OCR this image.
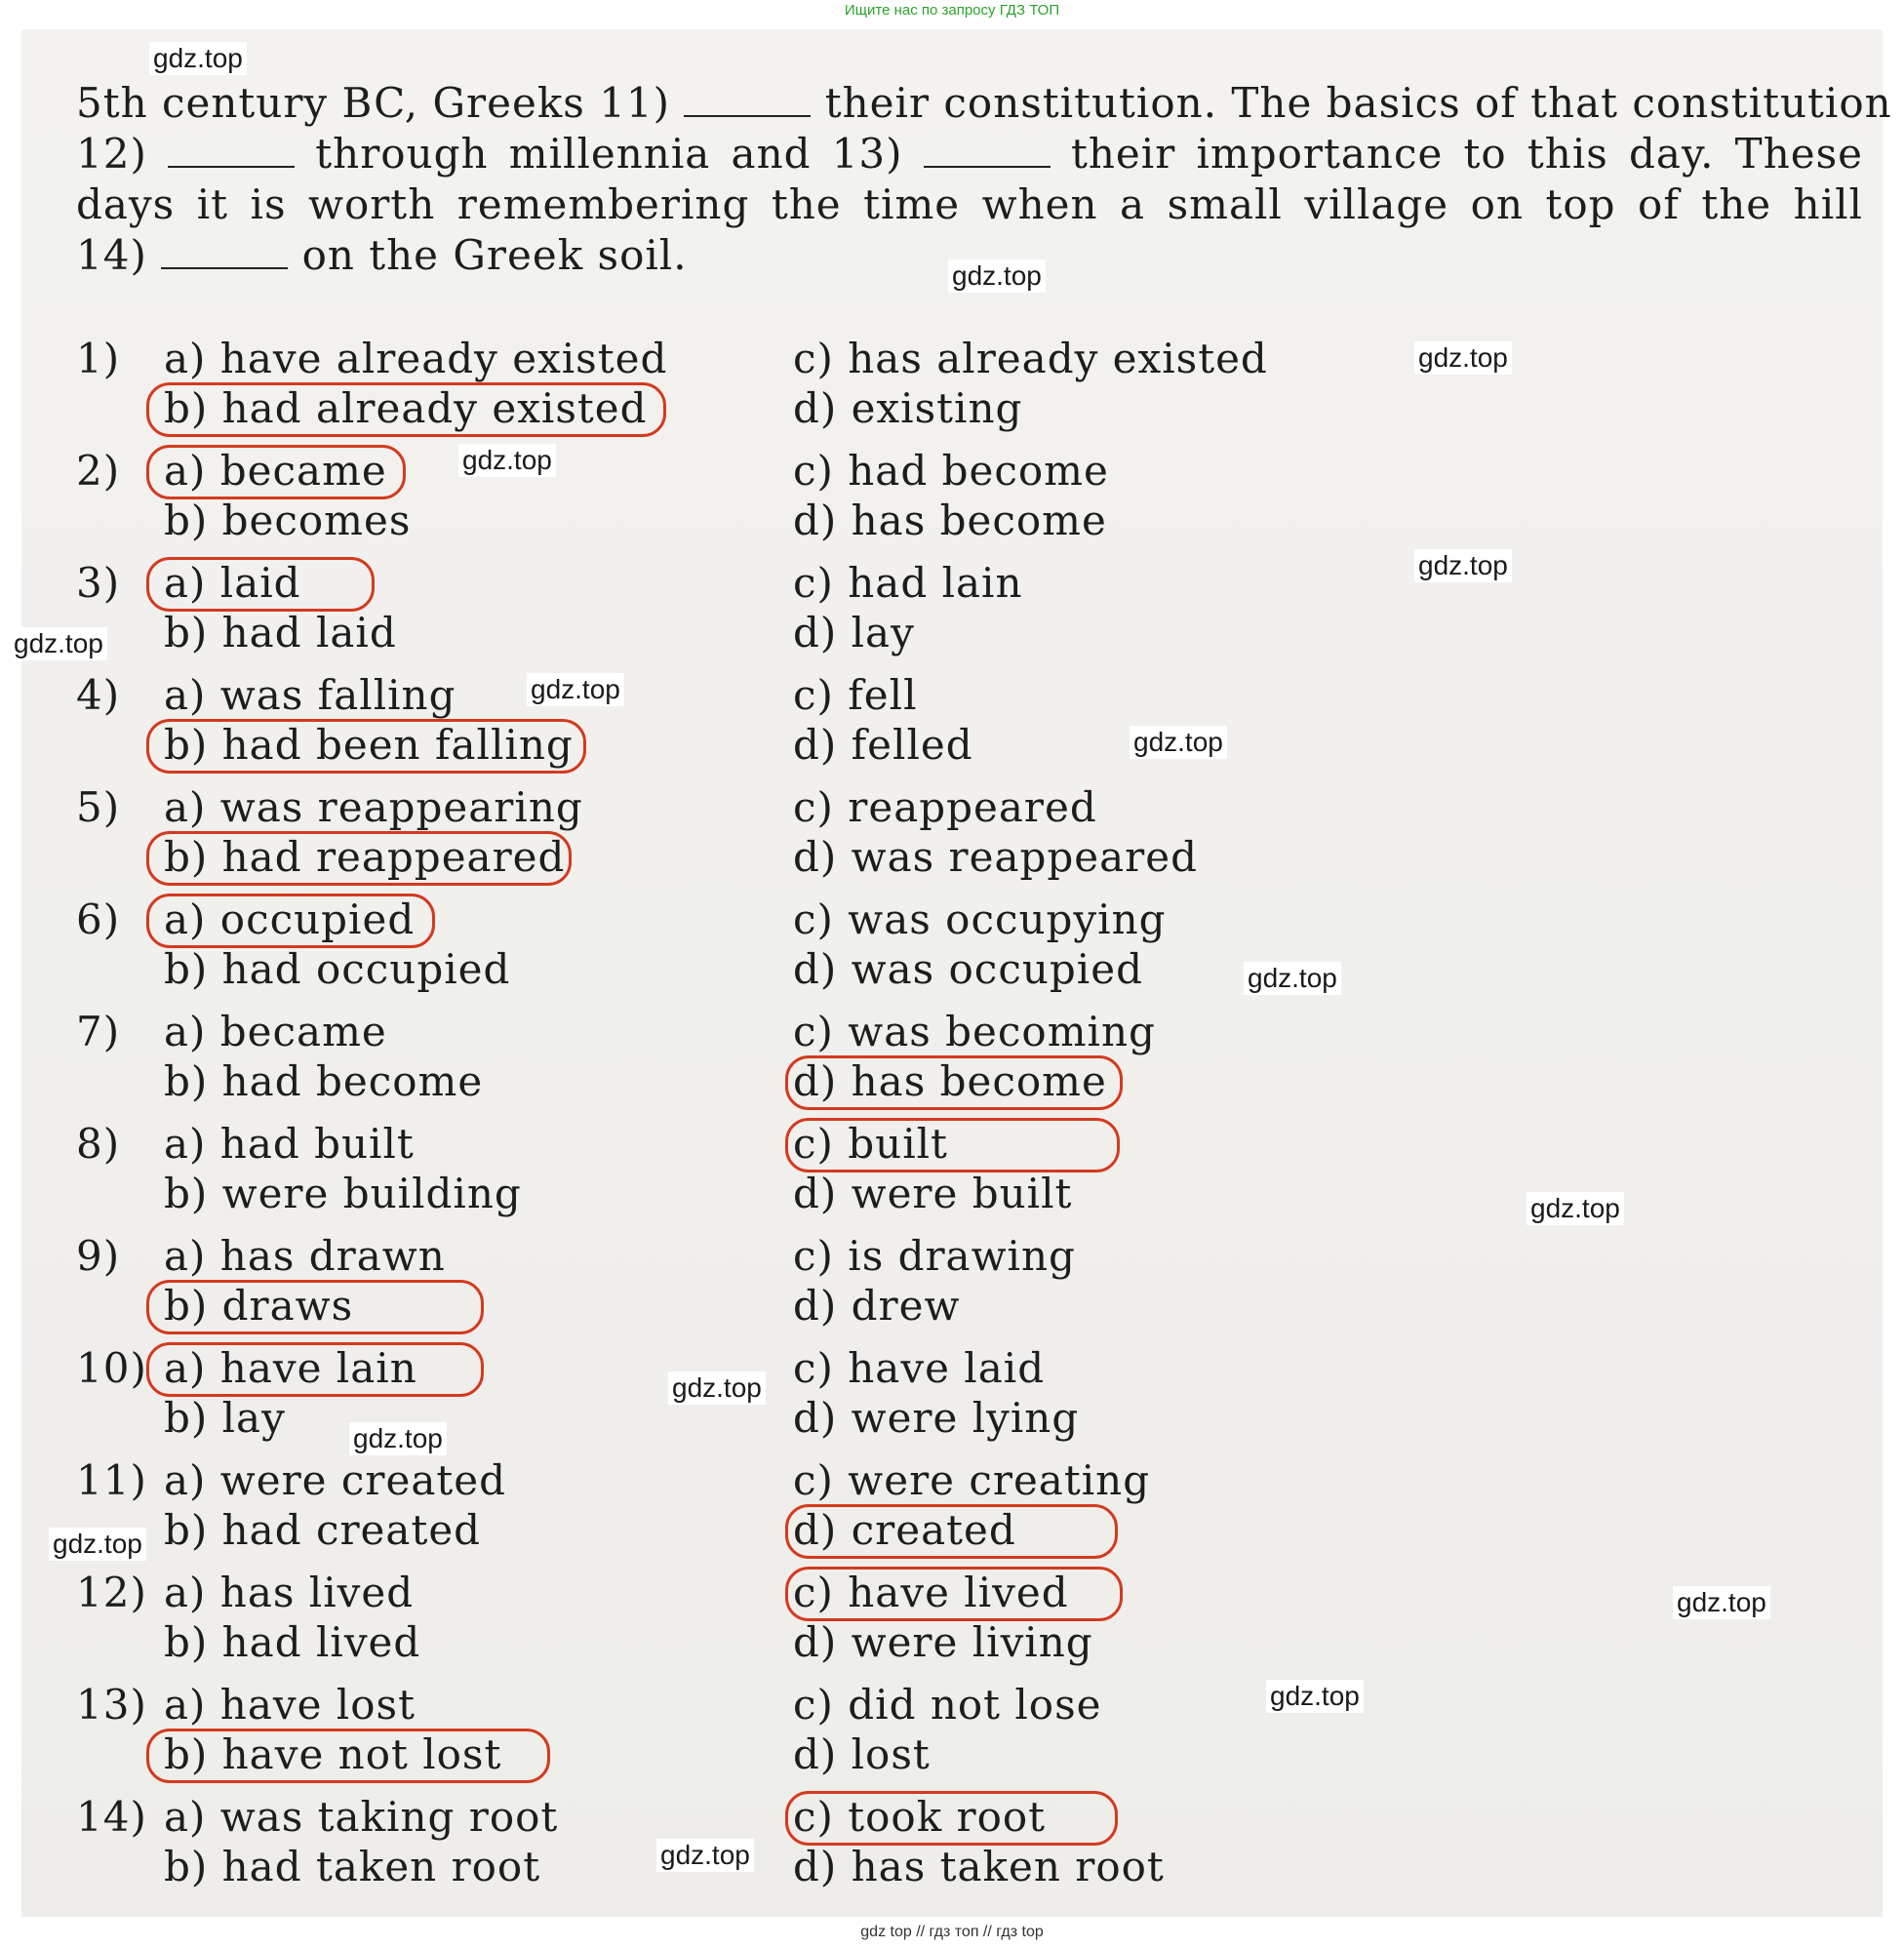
Ищите нас по запросу ГДЗ ТОП
5th century BC, Greeks 11)	their constitution. The basics of that constitution
12)	through millennia and 13)	their importance to this day. These
days it is worth remembering the time when a small village on top of the hill
14)	on the Greek soil.
1)	a) have already existed
b) had already existed
c) has already existed
d) existing
2)	a) became
b) becomes
c) had become
d) has become
3)	a) laid
b) had laid
c) had lain
d) lay
4)	a) was falling
b) had been falling
c) fell
d) felled
5)	a) was reappearing
b) had reappeared
c) reappeared
d) was reappeared
6)	a) occupied
b) had occupied
c) was occupying
d) was occupied
7)	a) became
b) had become
c) was becoming
d) has become
8)	a) had built
b) were building
c) built
d) were built
9)	a) has drawn
b) draws
c) is drawing
d) drew
10) a) have lain
b) lay
c) have laid
d) were lying
11) a) were created
b) had created
c) were creating
d) created
12) a) has lived
b) had lived
c) have lived
d) were living
13) a) have lost
b) have not lost
c) did not lose
d) lost
14) a) was taking root
b) had taken root
c) took root
d) has taken root
gdz.top
gdz.top
gdz.top
gdz.top
gdz.top
gdz.top
gdz.top
gdz.top
gdz.top
gdz.top
gdz.top
gdz.top
gdz.top
gdz.top
gdz.top
gdz.top
gdz top // гдз топ // гдз top
